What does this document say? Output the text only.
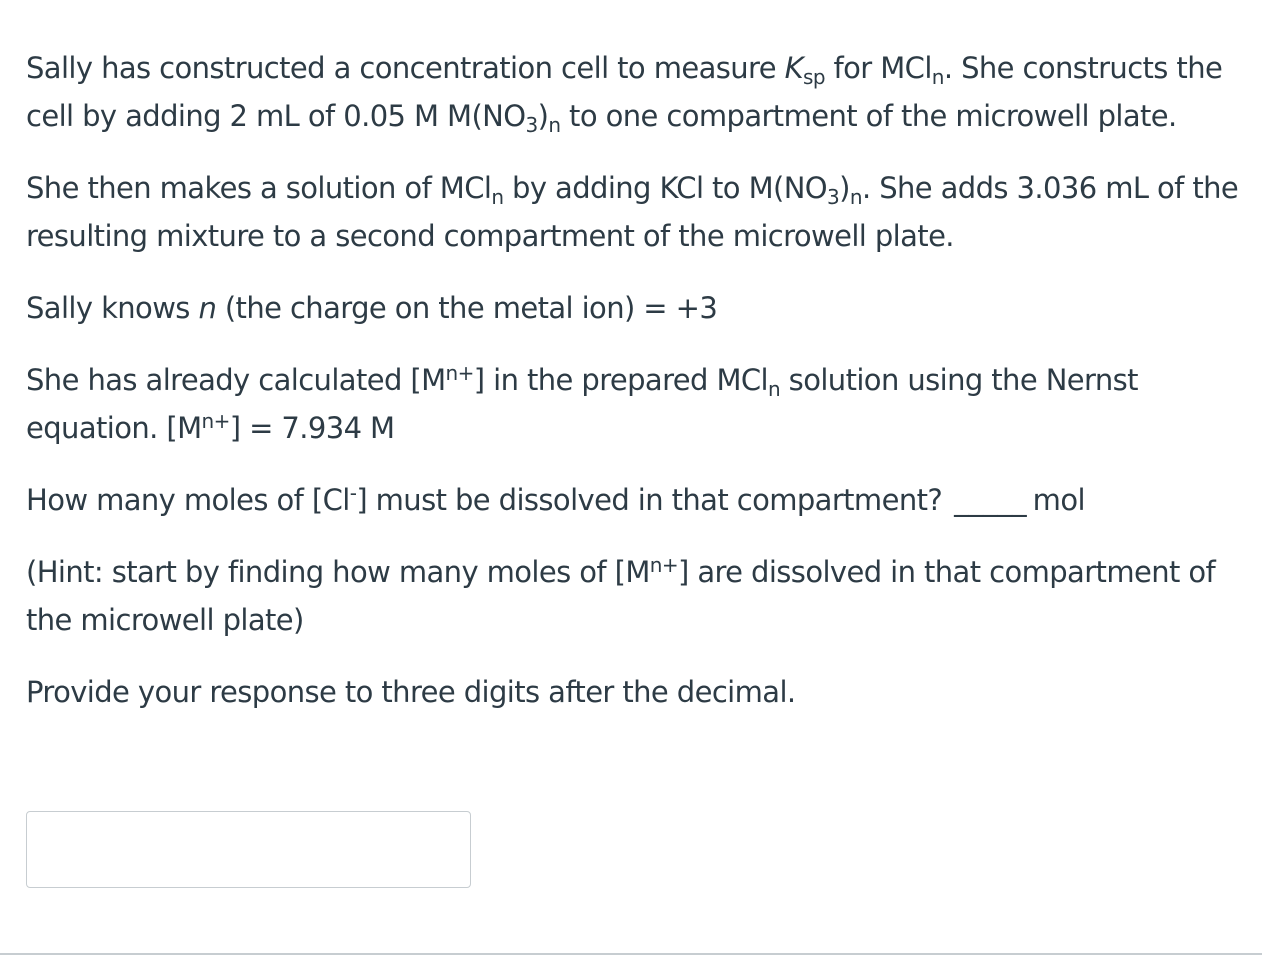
Sally has constructed a concentration cell to measure $K_{sp}$ for MCl$_n$. She constructs the cell by adding 2 mL of 0.05 M $M(NO_3)_n$ to one compartment of the microwell plate.

She then makes a solution of MCl$_n$ by adding KCl to $M(NO_3)_n$. She adds 3.036 mL of the resulting mixture to a second compartment of the microwell plate.

Sally knows n (the charge on the metal ion) = +3

She has already calculated $[M^{n+}]$ in the prepared MCl$_n$ solution using the Nernst equation. $[M^{n+}] = 7.934$ M

How many moles of [Cl-] must be dissolved in that compartment? _____ mol

(Hint: start by finding how many moles of $[M^{n+}]$ are dissolved in that compartment of the microwell plate)

Provide your response to three digits after the decimal.
